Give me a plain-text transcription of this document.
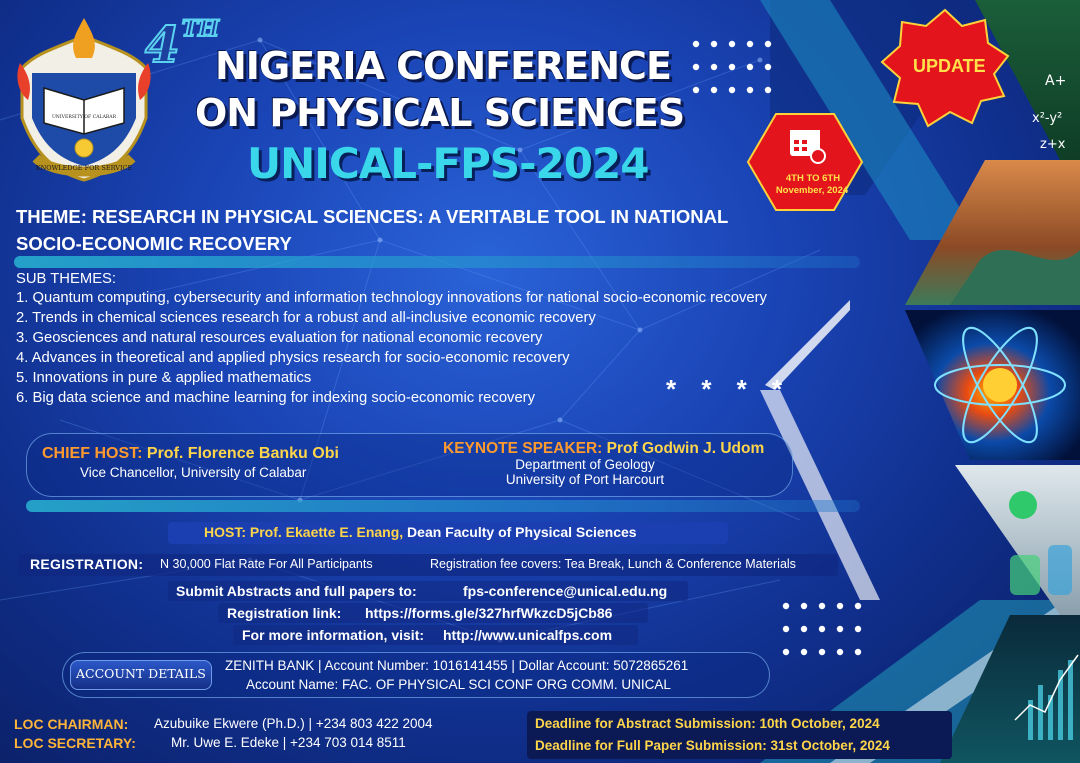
A+
x²-y²
z+x
UNIVERSITY OF CALABAR
KNOWLEDGE FOR SERVICE
UPDATE
4TH TO 6TH
November, 2024
4TH
NIGERIA CONFERENCE
ON PHYSICAL SCIENCES
UNICAL-FPS-2024
THEME: RESEARCH IN PHYSICAL SCIENCES: A VERITABLE TOOL IN NATIONAL SOCIO-ECONOMIC RECOVERY
SUB THEMES:
1. Quantum computing, cybersecurity and information technology innovations for national socio-economic recovery
2. Trends in chemical sciences research for a robust and all-inclusive economic recovery
3. Geosciences and natural resources evaluation for national economic recovery
4. Advances in theoretical and applied physics research for socio-economic recovery
5. Innovations in pure & applied mathematics
6. Big data science and machine learning for indexing socio-economic recovery	* * * *
CHIEF HOST: Prof. Florence Banku Obi
Vice Chancellor, University of Calabar
KEYNOTE SPEAKER: Prof Godwin J. Udom
Department of Geology
University of Port Harcourt
HOST: Prof. Ekaette E. Enang, Dean Faculty of Physical Sciences
REGISTRATION: N 30,000 Flat Rate For All Participants	Registration fee covers: Tea Break, Lunch & Conference Materials
Submit Abstracts and full papers to:	fps-conference@unical.edu.ng
Registration link: https://forms.gle/327hrfWkzcD5jCb86
For more information, visit: http://www.unicalfps.com
ACCOUNT DETAILS
ZENITH BANK | Account Number: 1016141455 | Dollar Account: 5072865261
Account Name: FAC. OF PHYSICAL SCI CONF ORG COMM. UNICAL
LOC CHAIRMAN: Azubuike Ekwere (Ph.D.) | +234 803 422 2004
LOC SECRETARY:	Mr. Uwe E. Edeke | +234 703 014 8511
Deadline for Abstract Submission: 10th October, 2024
Deadline for Full Paper Submission: 31st October, 2024
